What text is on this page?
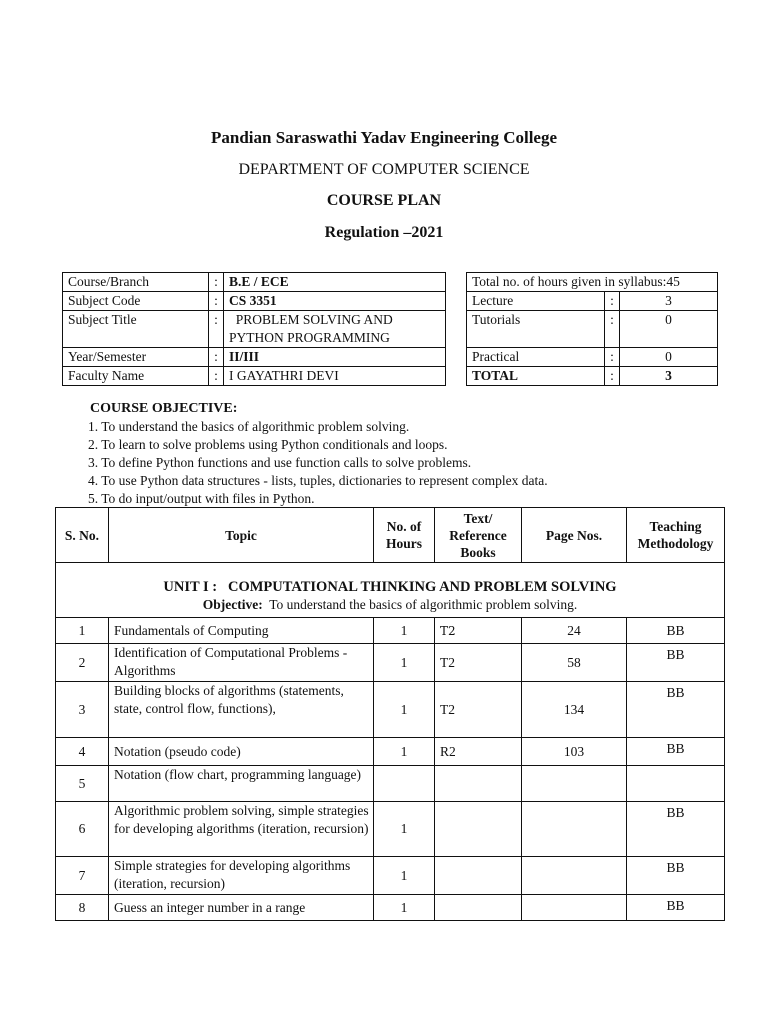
Pandian Saraswathi Yadav Engineering College
DEPARTMENT OF COMPUTER SCIENCE
COURSE PLAN
Regulation –2021
Course/Branch	:	B.E / ECE
Subject Code	:	CS 3351
Subject Title	:	PROBLEM SOLVING AND PYTHON PROGRAMMING
Year/Semester	:	II/III
Faculty Name	:	I GAYATHRI DEVI
Total no. of hours given in syllabus:45		
Lecture	:	3
Tutorials	:	0
Practical	:	0
TOTAL	:	3
COURSE OBJECTIVE:
1. To understand the basics of algorithmic problem solving.
2. To learn to solve problems using Python conditionals and loops.
3. To define Python functions and use function calls to solve problems.
4. To use Python data structures - lists, tuples, dictionaries to represent complex data.
5. To do input/output with files in Python.
S. No.	Topic	No. of Hours	Text/ Reference Books	Page Nos.	Teaching Methodology

UNIT I :   COMPUTATIONAL THINKING AND PROBLEM SOLVING
Objective:  To understand the basics of algorithmic problem solving.					

1	Fundamentals of Computing	1	T2	24	BB
2	Identification of Computational Problems -Algorithms	1	T2	58	BB
3	Building blocks of algorithms (statements, state, control flow, functions),	1	T2	134	BB
4	Notation (pseudo code)	1	R2	103	BB
5	Notation (flow chart, programming language)				
6	Algorithmic problem solving, simple strategies for developing algorithms (iteration, recursion)	1			BB
7	Simple strategies for developing algorithms (iteration, recursion)	1			BB
8	Guess an integer number in a range	1			BB
